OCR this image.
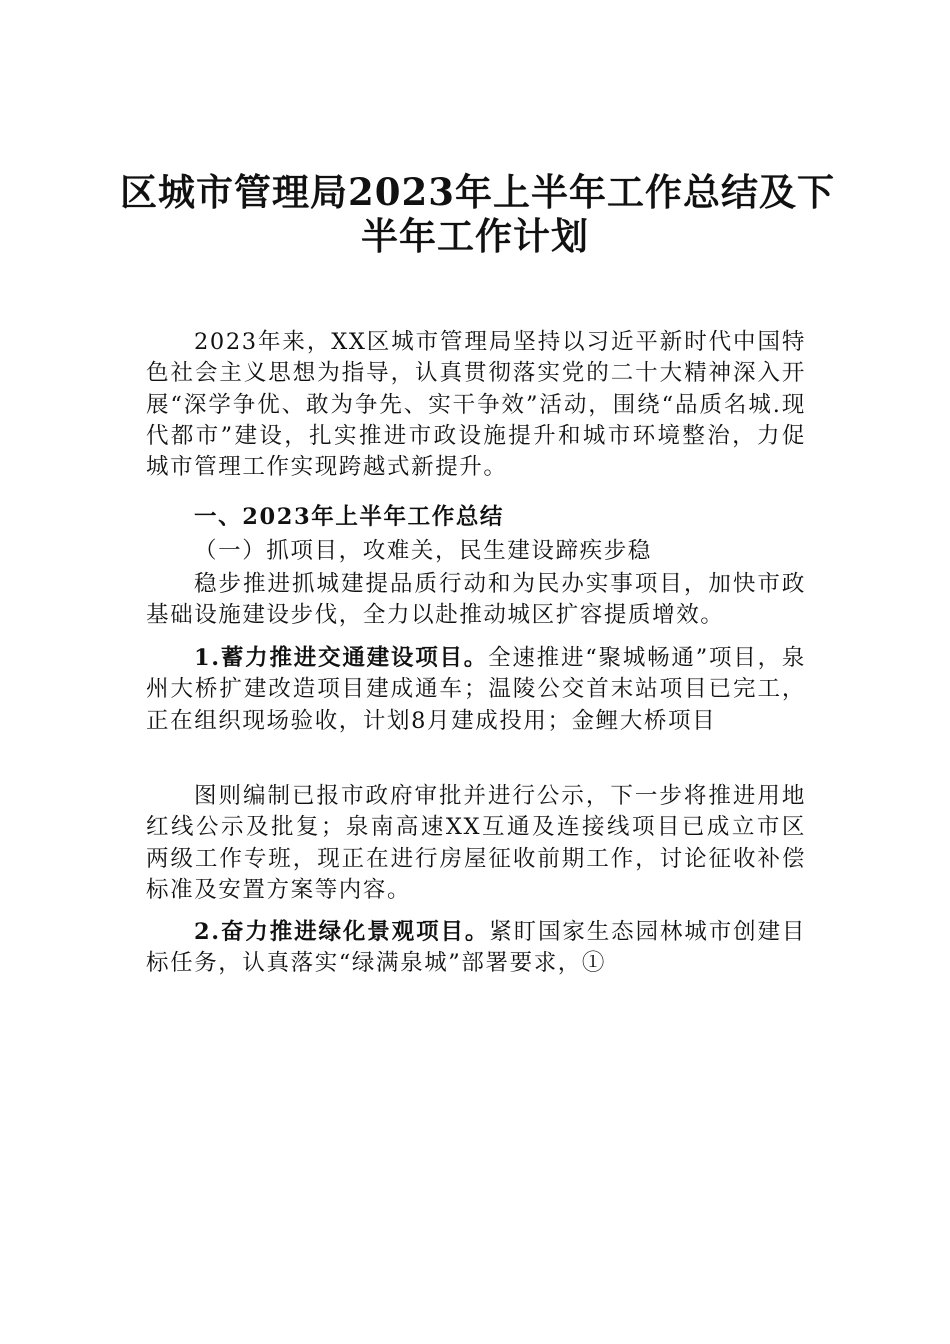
区城市管理局2023年上半年工作总结及下
半年工作计划

2023年来，XX区城市管理局坚持以习近平新时代中国特色社会主义思想为指导，认真贯彻落实党的二十大精神深入开展“深学争优、敢为争先、实干争效”活动，围绕“品质名城.现代都市”建设，扎实推进市政设施提升和城市环境整治，力促城市管理工作实现跨越式新提升。

一、2023年上半年工作总结
（一）抓项目，攻难关，民生建设蹄疾步稳

稳步推进抓城建提品质行动和为民办实事项目，加快市政基础设施建设步伐，全力以赴推动城区扩容提质增效。

1.蓄力推进交通建设项目。全速推进“聚城畅通”项目，泉州大桥扩建改造项目建成通车；温陵公交首末站项目已完工，正在组织现场验收，计划8月建成投用；金鲤大桥项目

图则编制已报市政府审批并进行公示，下一步将推进用地红线公示及批复；泉南高速XX互通及连接线项目已成立市区两级工作专班，现正在进行房屋征收前期工作，讨论征收补偿标准及安置方案等内容。

2.奋力推进绿化景观项目。紧盯国家生态园林城市创建目标任务，认真落实“绿满泉城”部署要求，①
